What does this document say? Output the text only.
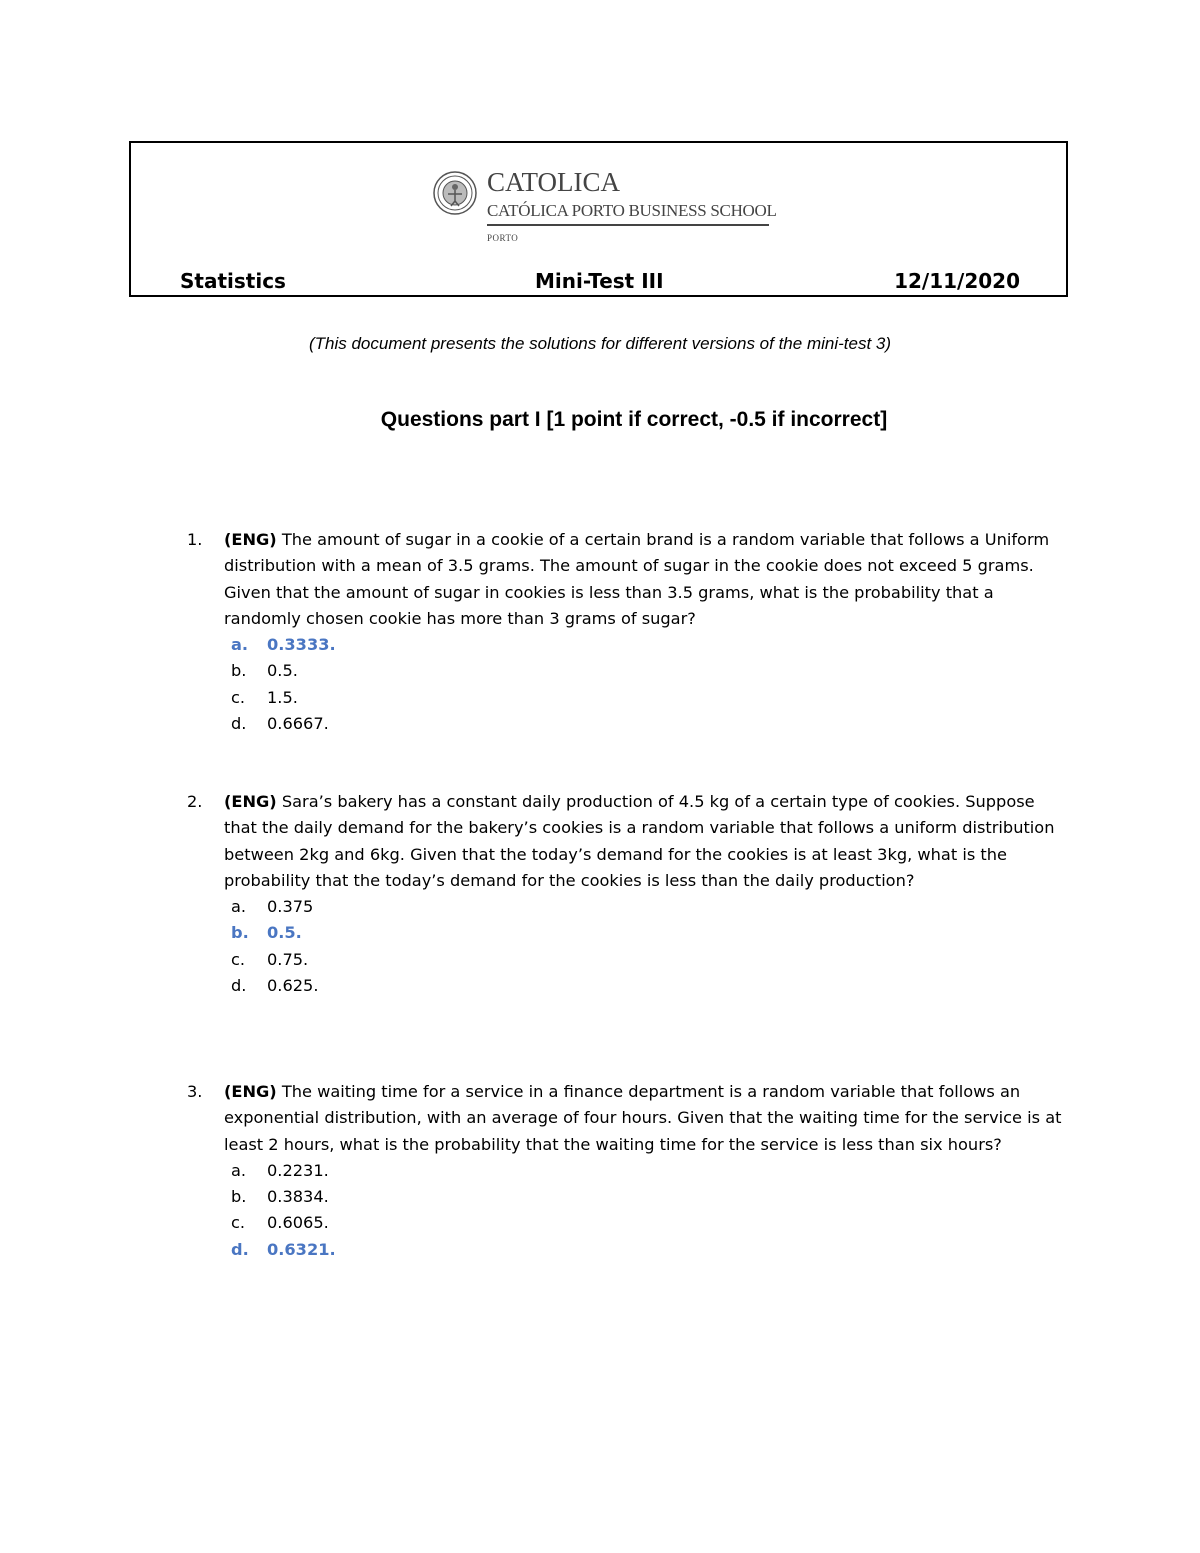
CATOLICA
CATÓLICA PORTO BUSINESS SCHOOL
PORTO
Statistics	Mini-Test III	12/11/2020
(This document presents the solutions for different versions of the mini-test 3)
Questions part I [1 point if correct, -0.5 if incorrect]
1.	(ENG) The amount of sugar in a cookie of a certain brand is a random variable that follows a Uniform distribution with a mean of 3.5 grams. The amount of sugar in the cookie does not exceed 5 grams. Given that the amount of sugar in cookies is less than 3.5 grams, what is the probability that a randomly chosen cookie has more than 3 grams of sugar?
a.	0.3333.
b.	0.5.
c.	1.5.
d.	0.6667.
2.	(ENG) Sara’s bakery has a constant daily production of 4.5 kg of a certain type of cookies. Suppose that the daily demand for the bakery’s cookies is a random variable that follows a uniform distribution between 2kg and 6kg. Given that the today’s demand for the cookies is at least 3kg, what is the probability that the today’s demand for the cookies is less than the daily production?
a.	0.375
b.	0.5.
c.	0.75.
d.	0.625.
3.	(ENG) The waiting time for a service in a finance department is a random variable that follows an exponential distribution, with an average of four hours. Given that the waiting time for the service is at least 2 hours, what is the probability that the waiting time for the service is less than six hours?
a.	0.2231.
b.	0.3834.
c.	0.6065.
d.	0.6321.
